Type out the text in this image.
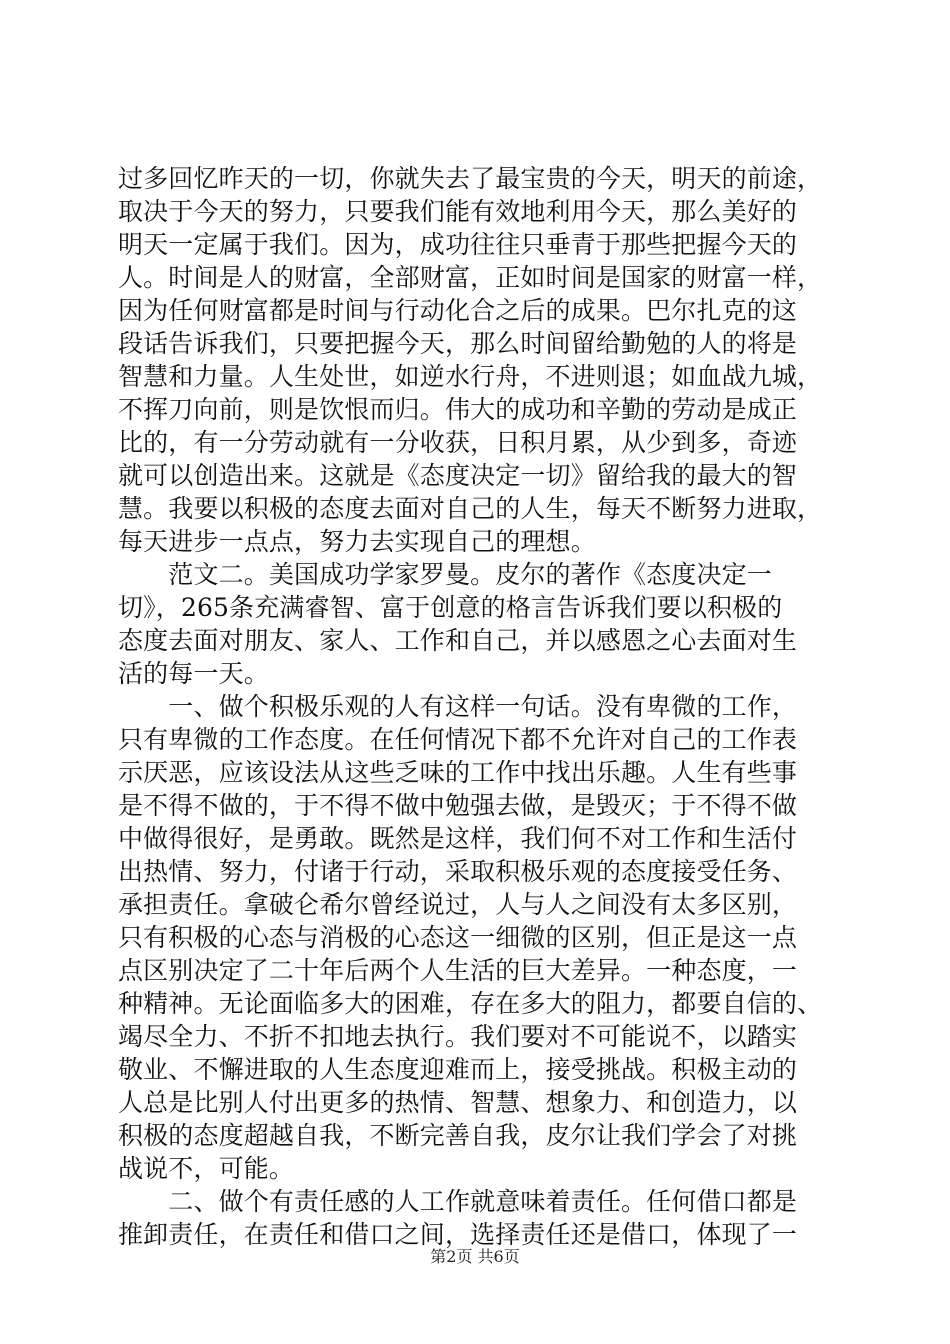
过多回忆昨天的一切，你就失去了最宝贵的今天，明天的前途，
取决于今天的努力，只要我们能有效地利用今天，那么美好的
明天一定属于我们。因为，成功往往只垂青于那些把握今天的
人。时间是人的财富，全部财富，正如时间是国家的财富一样，
因为任何财富都是时间与行动化合之后的成果。巴尔扎克的这
段话告诉我们，只要把握今天，那么时间留给勤勉的人的将是
智慧和力量。人生处世，如逆水行舟，不进则退；如血战九城，
不挥刀向前，则是饮恨而归。伟大的成功和辛勤的劳动是成正
比的，有一分劳动就有一分收获，日积月累，从少到多，奇迹
就可以创造出来。这就是《态度决定一切》留给我的最大的智
慧。我要以积极的态度去面对自己的人生，每天不断努力进取，
每天进步一点点，努力去实现自己的理想。
　　范文二。美国成功学家罗曼。皮尔的著作《态度决定一
切》，265条充满睿智、富于创意的格言告诉我们要以积极的
态度去面对朋友、家人、工作和自己，并以感恩之心去面对生
活的每一天。
　　一、做个积极乐观的人有这样一句话。没有卑微的工作，
只有卑微的工作态度。在任何情况下都不允许对自己的工作表
示厌恶，应该设法从这些乏味的工作中找出乐趣。人生有些事
是不得不做的，于不得不做中勉强去做，是毁灭；于不得不做
中做得很好，是勇敢。既然是这样，我们何不对工作和生活付
出热情、努力，付诸于行动，采取积极乐观的态度接受任务、
承担责任。拿破仑希尔曾经说过，人与人之间没有太多区别，
只有积极的心态与消极的心态这一细微的区别，但正是这一点
点区别决定了二十年后两个人生活的巨大差异。一种态度，一
种精神。无论面临多大的困难，存在多大的阻力，都要自信的、
竭尽全力、不折不扣地去执行。我们要对不可能说不，以踏实
敬业、不懈进取的人生态度迎难而上，接受挑战。积极主动的
人总是比别人付出更多的热情、智慧、想象力、和创造力，以
积极的态度超越自我，不断完善自我，皮尔让我们学会了对挑
战说不，可能。
　　二、做个有责任感的人工作就意味着责任。任何借口都是
推卸责任，在责任和借口之间，选择责任还是借口，体现了一
第2页 共6页
